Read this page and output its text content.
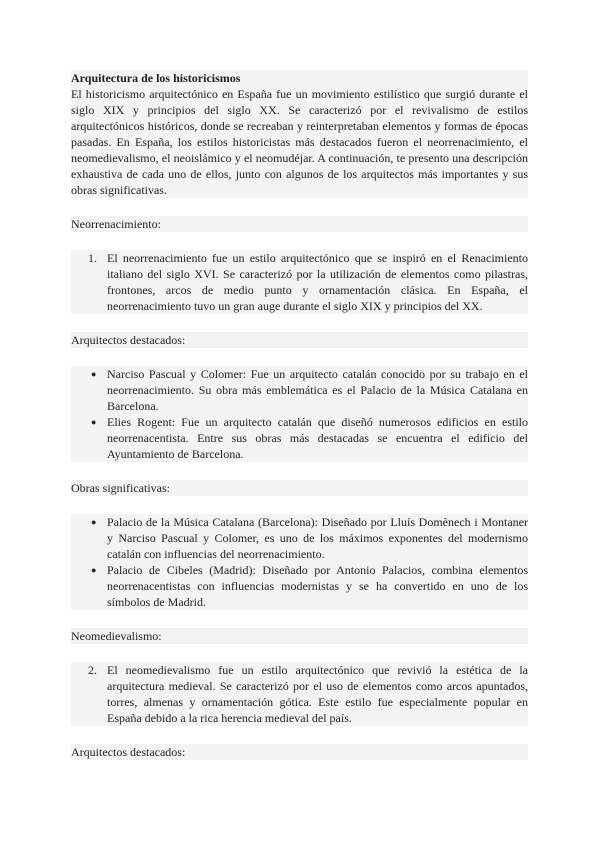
Arquitectura de los historicismos
El historicismo arquitectónico en España fue un movimiento estilístico que surgió durante el siglo XIX y principios del siglo XX. Se caracterizó por el revivalismo de estilos arquitectónicos históricos, donde se recreaban y reinterpretaban elementos y formas de épocas pasadas. En España, los estilos historicistas más destacados fueron el neorrenacimiento, el neomedievalismo, el neoislámico y el neomudéjar. A continuación, te presento una descripción exhaustiva de cada uno de ellos, junto con algunos de los arquitectos más importantes y sus obras significativas.
Neorrenacimiento:
1. El neorrenacimiento fue un estilo arquitectónico que se inspiró en el Renacimiento italiano del siglo XVI. Se caracterizó por la utilización de elementos como pilastras, frontones, arcos de medio punto y ornamentación clásica. En España, el neorrenacimiento tuvo un gran auge durante el siglo XIX y principios del XX.
Arquitectos destacados:
● Narciso Pascual y Colomer: Fue un arquitecto catalán conocido por su trabajo en el neorrenacimiento. Su obra más emblemática es el Palacio de la Música Catalana en Barcelona.
● Elies Rogent: Fue un arquitecto catalán que diseñó numerosos edificios en estilo neorrenacentista. Entre sus obras más destacadas se encuentra el edificio del Ayuntamiento de Barcelona.
Obras significativas:
● Palacio de la Música Catalana (Barcelona): Diseñado por Lluís Domènech i Montaner y Narciso Pascual y Colomer, es uno de los máximos exponentes del modernismo catalán con influencias del neorrenacimiento.
● Palacio de Cibeles (Madrid): Diseñado por Antonio Palacios, combina elementos neorrenacentistas con influencias modernistas y se ha convertido en uno de los símbolos de Madrid.
Neomedievalismo:
2. El neomedievalismo fue un estilo arquitectónico que revivió la estética de la arquitectura medieval. Se caracterizó por el uso de elementos como arcos apuntados, torres, almenas y ornamentación gótica. Este estilo fue especialmente popular en España debido a la rica herencia medieval del país.
Arquitectos destacados:
